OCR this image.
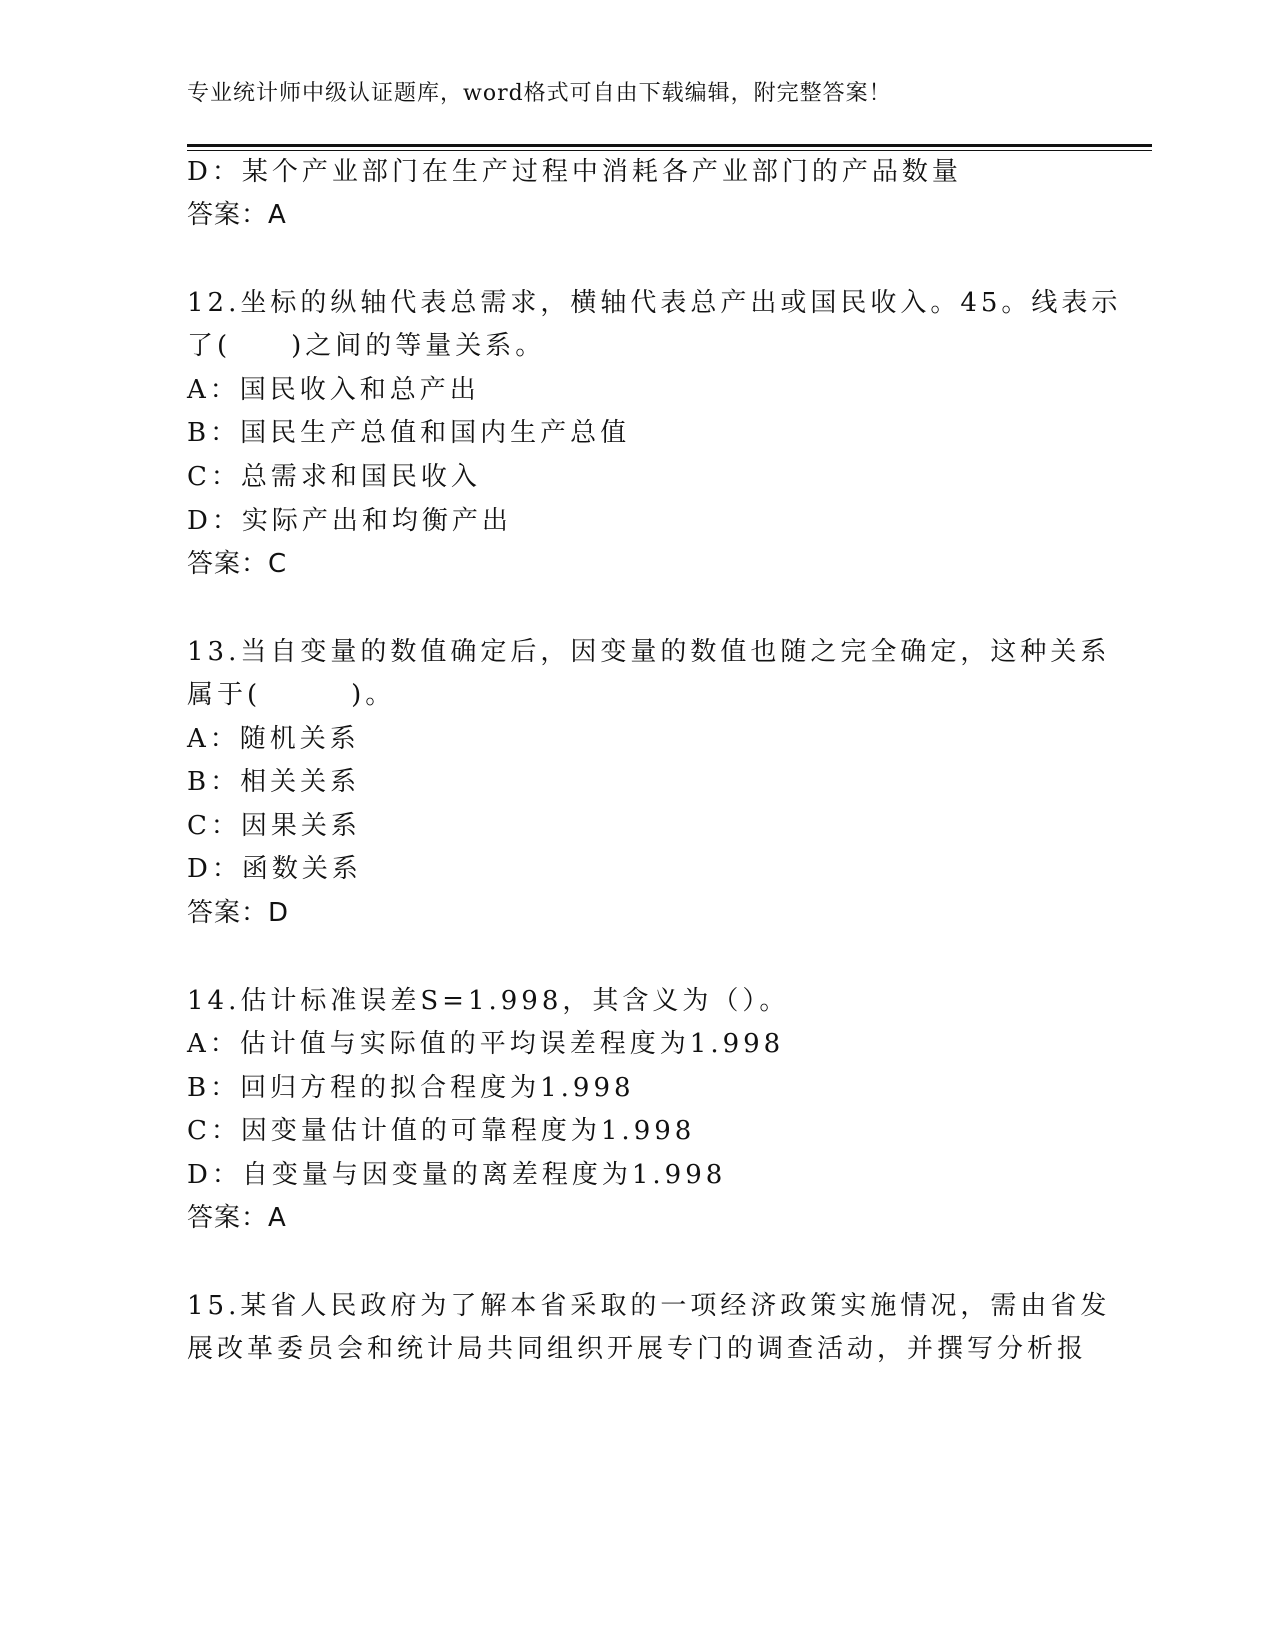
专业统计师中级认证题库，word格式可自由下载编辑，附完整答案！
D：某个产业部门在生产过程中消耗各产业部门的产品数量
答案：A
12.坐标的纵轴代表总需求，横轴代表总产出或国民收入。45。线表示
了(　　)之间的等量关系。
A：国民收入和总产出
B：国民生产总值和国内生产总值
C：总需求和国民收入
D：实际产出和均衡产出
答案：C
13.当自变量的数值确定后，因变量的数值也随之完全确定，这种关系
属于(　　　)。
A：随机关系
B：相关关系
C：因果关系
D：函数关系
答案：D
14.估计标准误差S=1.998，其含义为（）。
A：估计值与实际值的平均误差程度为1.998
B：回归方程的拟合程度为1.998
C：因变量估计值的可靠程度为1.998
D：自变量与因变量的离差程度为1.998
答案：A
15.某省人民政府为了解本省采取的一项经济政策实施情况，需由省发
展改革委员会和统计局共同组织开展专门的调查活动，并撰写分析报
